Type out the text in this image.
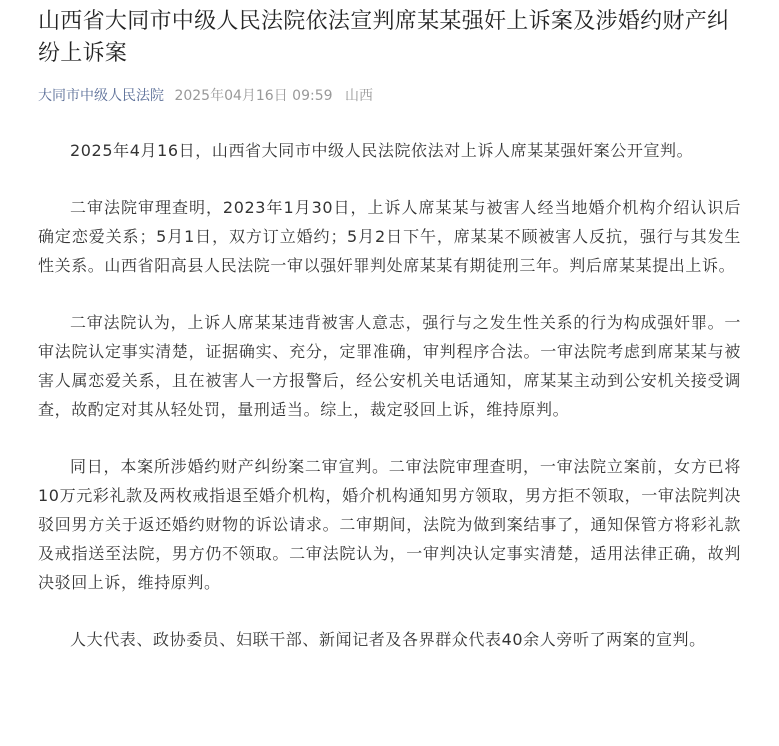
山西省大同市中级人民法院依法宣判席某某强奸上诉案及涉婚约财产纠纷上诉案
大同市中级人民法院 2025年04月16日 09:59 山西

2025年4月16日，山西省大同市中级人民法院依法对上诉人席某某强奸案公开宣判。

二审法院审理查明，2023年1月30日，上诉人席某某与被害人经当地婚介机构介绍认识后确定恋爱关系；5月1日，双方订立婚约；5月2日下午，席某某不顾被害人反抗，强行与其发生性关系。山西省阳高县人民法院一审以强奸罪判处席某某有期徒刑三年。判后席某某提出上诉。

二审法院认为，上诉人席某某违背被害人意志，强行与之发生性关系的行为构成强奸罪。一审法院认定事实清楚，证据确实、充分，定罪准确，审判程序合法。一审法院考虑到席某某与被害人属恋爱关系，且在被害人一方报警后，经公安机关电话通知，席某某主动到公安机关接受调查，故酌定对其从轻处罚，量刑适当。综上，裁定驳回上诉，维持原判。

同日，本案所涉婚约财产纠纷案二审宣判。二审法院审理查明，一审法院立案前，女方已将10万元彩礼款及两枚戒指退至婚介机构，婚介机构通知男方领取，男方拒不领取，一审法院判决驳回男方关于返还婚约财物的诉讼请求。二审期间，法院为做到案结事了，通知保管方将彩礼款及戒指送至法院，男方仍不领取。二审法院认为，一审判决认定事实清楚，适用法律正确，故判决驳回上诉，维持原判。

人大代表、政协委员、妇联干部、新闻记者及各界群众代表40余人旁听了两案的宣判。
